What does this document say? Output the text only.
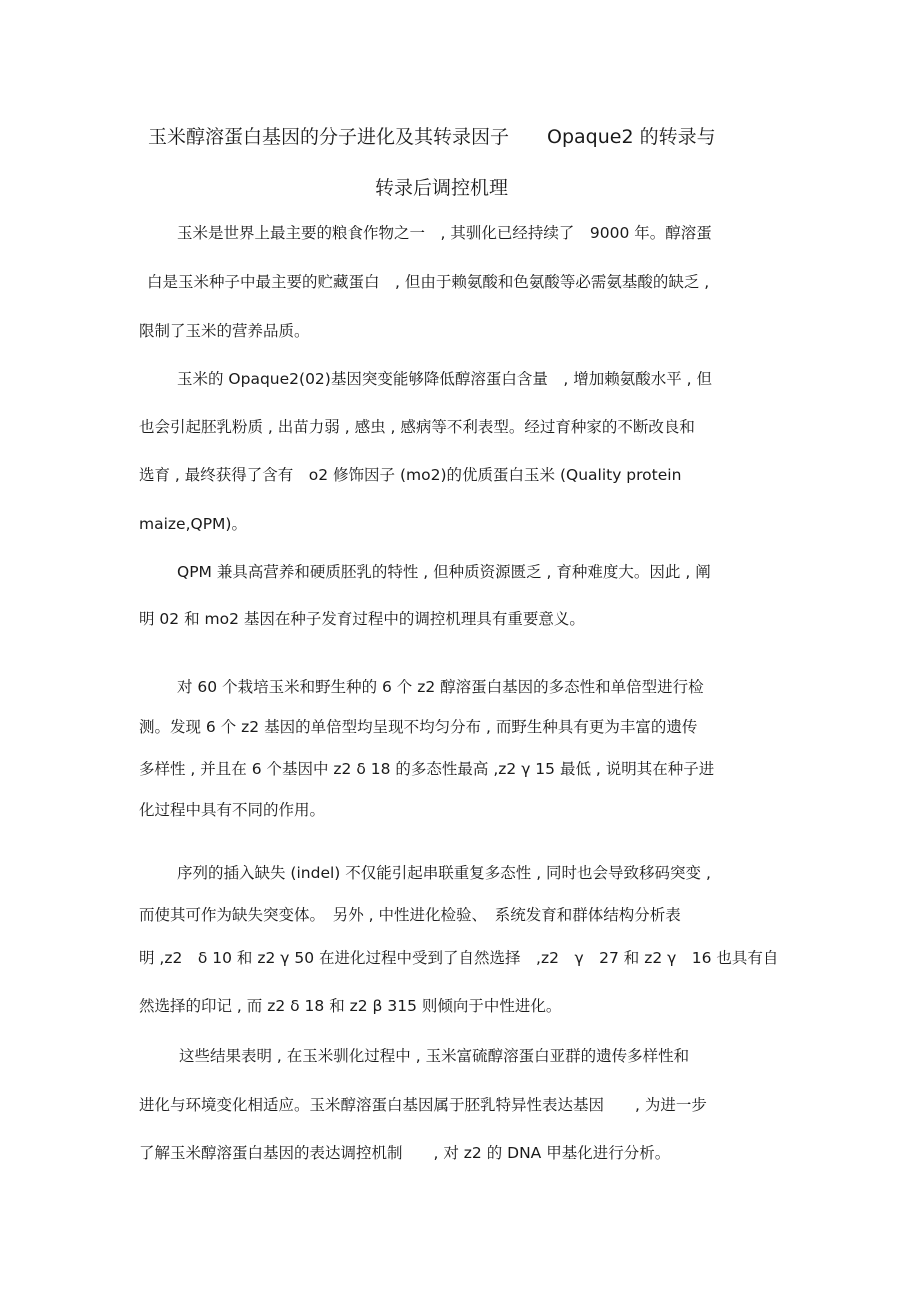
玉米醇溶蛋白基因的分子进化及其转录因子　　Opaque2 的转录与
转录后调控机理
玉米是世界上最主要的粮食作物之一　, 其驯化已经持续了　9000 年。醇溶蛋
白是玉米种子中最主要的贮藏蛋白　, 但由于赖氨酸和色氨酸等必需氨基酸的缺乏 ,
限制了玉米的营养品质。
玉米的 Opaque2(02)基因突变能够降低醇溶蛋白含量　, 增加赖氨酸水平 , 但
也会引起胚乳粉质 , 出苗力弱 , 感虫 , 感病等不利表型。经过育种家的不断改良和
选育 , 最终获得了含有　o2 修饰因子 (mo2)的优质蛋白玉米 (Quality protein
maize,QPM)。
QPM 兼具高营养和硬质胚乳的特性 , 但种质资源匮乏 , 育种难度大。因此 , 阐
明 02 和 mo2 基因在种子发育过程中的调控机理具有重要意义。
对 60 个栽培玉米和野生种的 6 个 z2 醇溶蛋白基因的多态性和单倍型进行检
测。发现 6 个 z2 基因的单倍型均呈现不均匀分布 , 而野生种具有更为丰富的遗传
多样性 , 并且在 6 个基因中 z2 δ 18 的多态性最高 ,z2 γ 15 最低 , 说明其在种子进
化过程中具有不同的作用。
序列的插入缺失 (indel) 不仅能引起串联重复多态性 , 同时也会导致移码突变 ,
而使其可作为缺失突变体。　另外 , 中性进化检验、　系统发育和群体结构分析表
明 ,z2　δ 10 和 z2 γ 50 在进化过程中受到了自然选择　,z2　γ　27 和 z2 γ　16 也具有自
然选择的印记 , 而 z2 δ 18 和 z2 β 315 则倾向于中性进化。
这些结果表明 , 在玉米驯化过程中 , 玉米富硫醇溶蛋白亚群的遗传多样性和
进化与环境变化相适应。玉米醇溶蛋白基因属于胚乳特异性表达基因　　, 为进一步
了解玉米醇溶蛋白基因的表达调控机制　　, 对 z2 的 DNA 甲基化进行分析。
